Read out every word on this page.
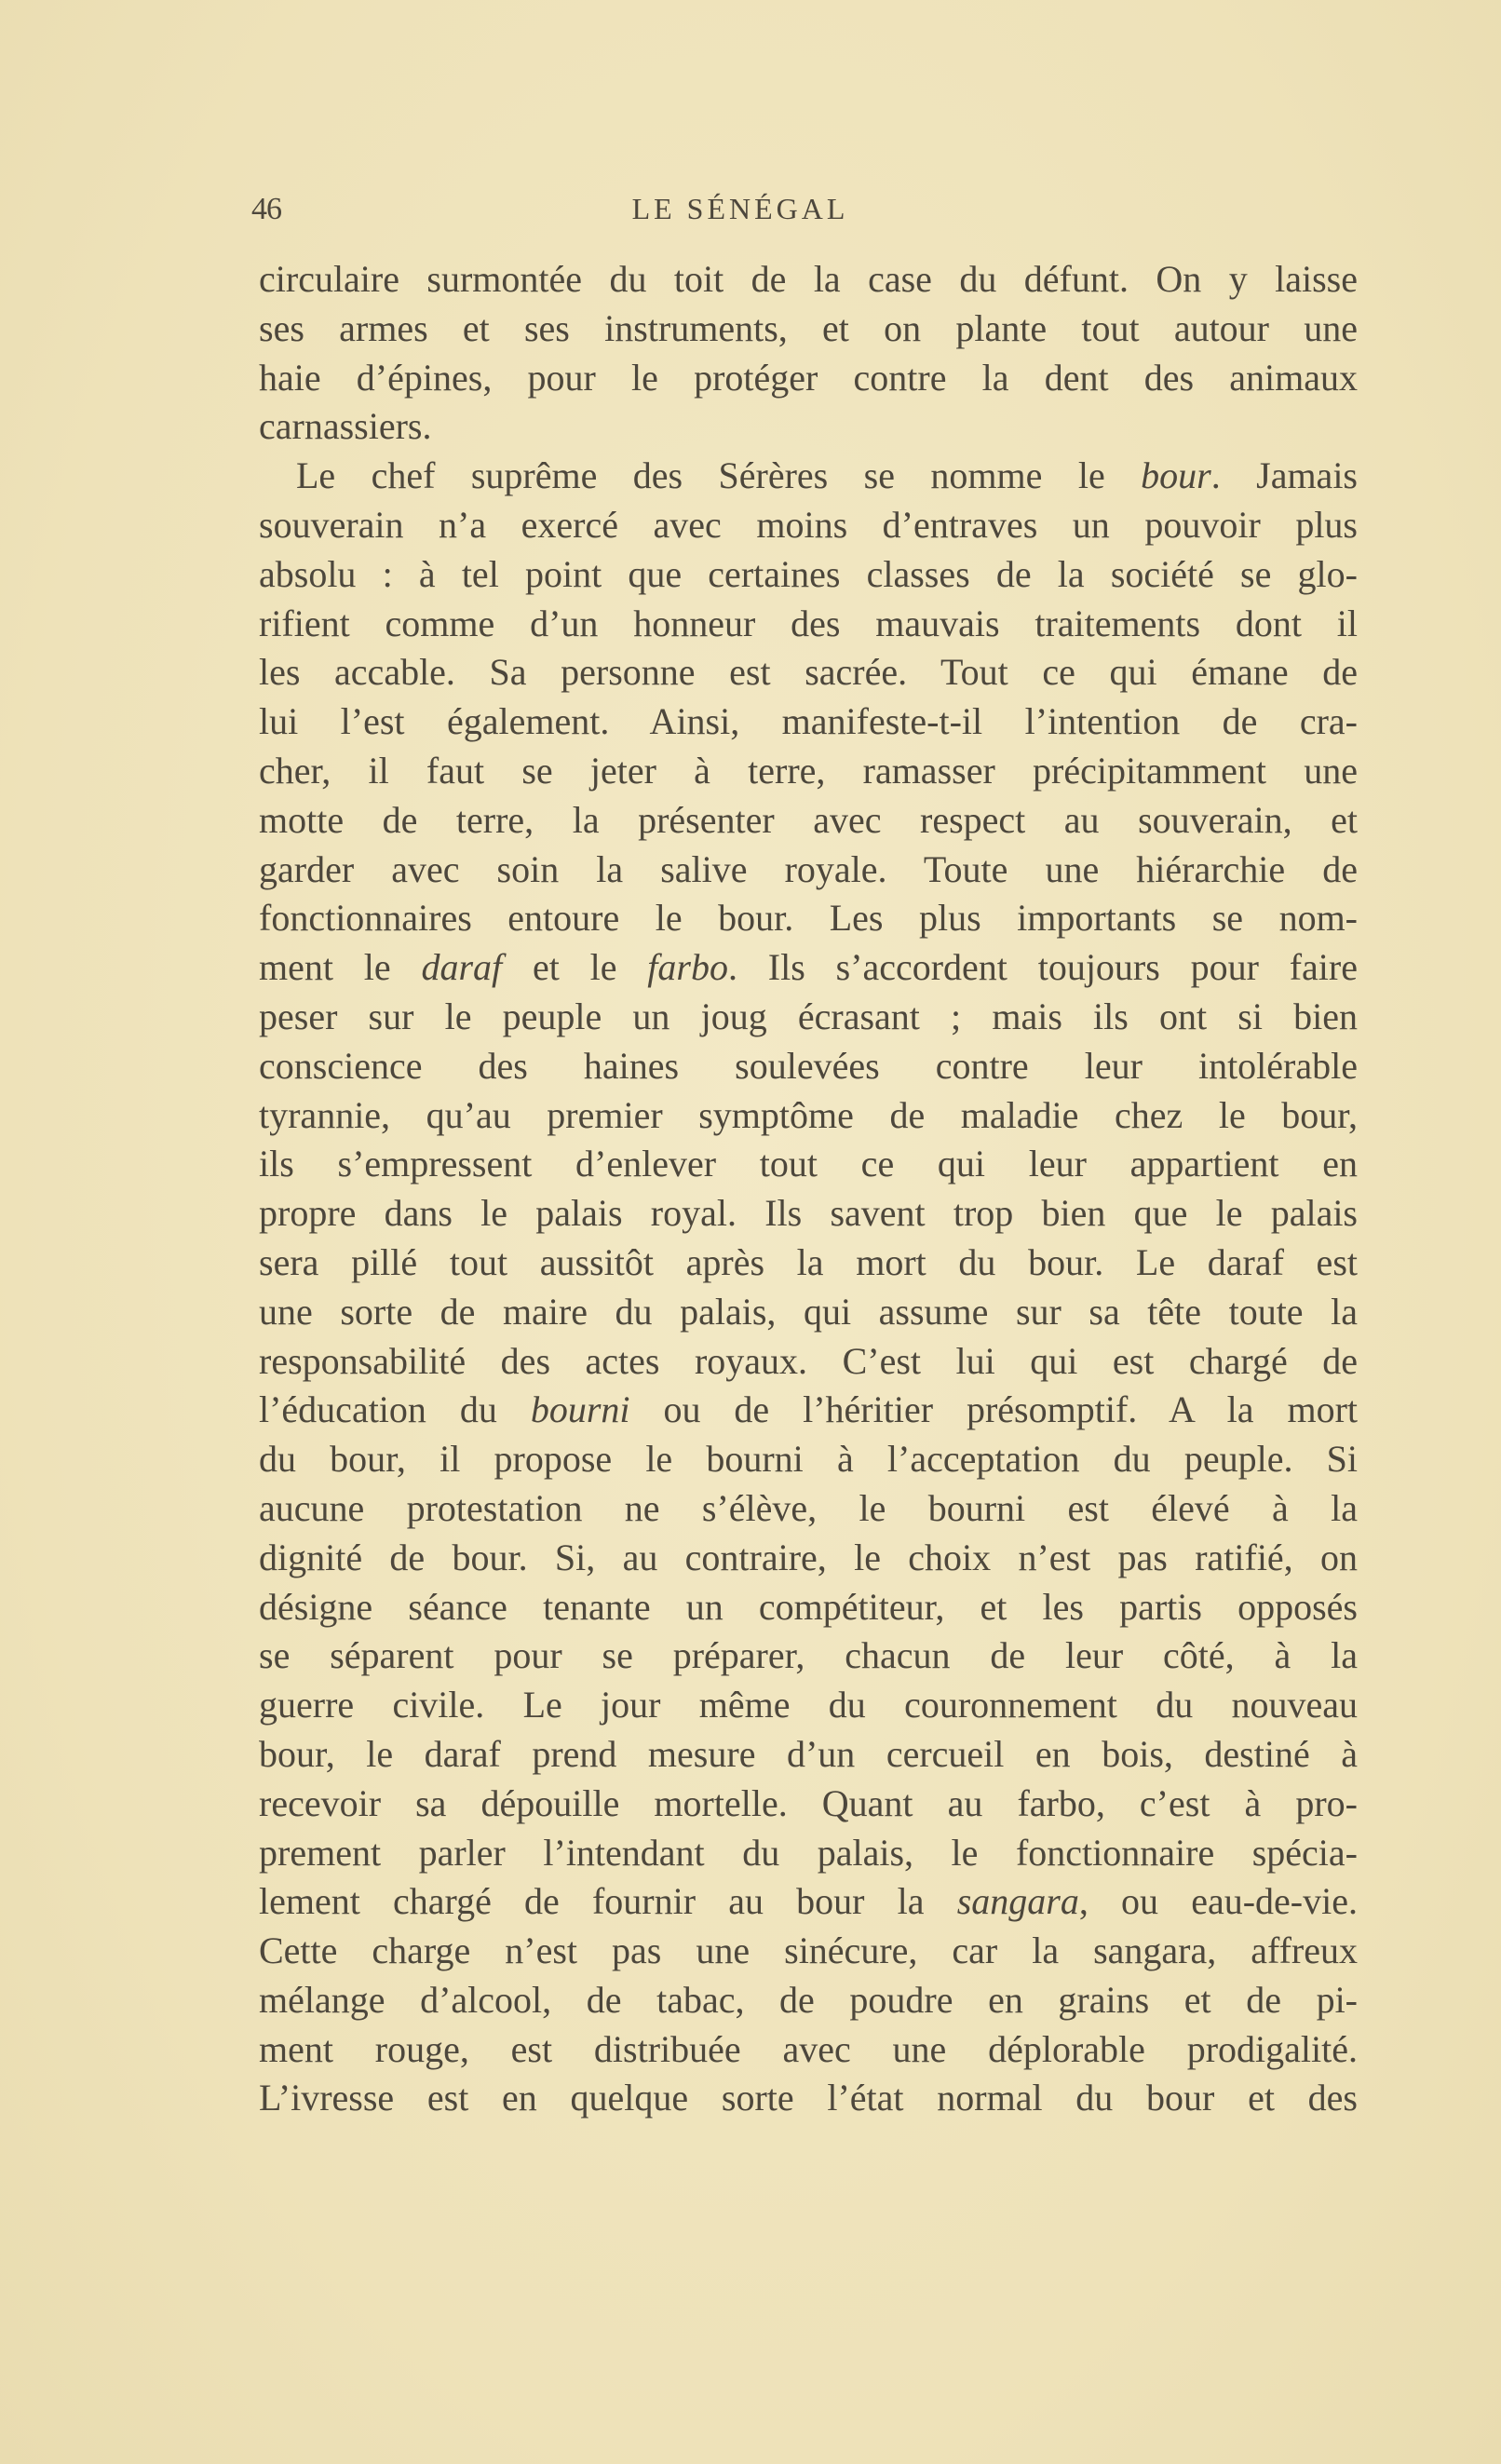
46	LE SÉNÉGAL
circulaire surmontée du toit de la case du défunt. On y laisse
ses armes et ses instruments, et on plante tout autour une
haie d’épines, pour le protéger contre la dent des animaux
carnassiers.
 Le chef suprême des Sérères se nomme le bour. Jamais
souverain n’a exercé avec moins d’entraves un pouvoir plus
absolu : à tel point que certaines classes de la société se glo-
rifient comme d’un honneur des mauvais traitements dont il
les accable. Sa personne est sacrée. Tout ce qui émane de
lui l’est également. Ainsi, manifeste-t-il l’intention de cra-
cher, il faut se jeter à terre, ramasser précipitamment une
motte de terre, la présenter avec respect au souverain, et
garder avec soin la salive royale. Toute une hiérarchie de
fonctionnaires entoure le bour. Les plus importants se nom-
ment le daraf et le farbo. Ils s’accordent toujours pour faire
peser sur le peuple un joug écrasant ; mais ils ont si bien
conscience des haines soulevées contre leur intolérable
tyrannie, qu’au premier symptôme de maladie chez le bour,
ils s’empressent d’enlever tout ce qui leur appartient en
propre dans le palais royal. Ils savent trop bien que le palais
sera pillé tout aussitôt après la mort du bour. Le daraf est
une sorte de maire du palais, qui assume sur sa tête toute la
responsabilité des actes royaux. C’est lui qui est chargé de
l’éducation du bourni ou de l’héritier présomptif. A la mort
du bour, il propose le bourni à l’acceptation du peuple. Si
aucune protestation ne s’élève, le bourni est élevé à la
dignité de bour. Si, au contraire, le choix n’est pas ratifié, on
désigne séance tenante un compétiteur, et les partis opposés
se séparent pour se préparer, chacun de leur côté, à la
guerre civile. Le jour même du couronnement du nouveau
bour, le daraf prend mesure d’un cercueil en bois, destiné à
recevoir sa dépouille mortelle. Quant au farbo, c’est à pro-
prement parler l’intendant du palais, le fonctionnaire spécia-
lement chargé de fournir au bour la sangara, ou eau-de-vie.
Cette charge n’est pas une sinécure, car la sangara, affreux
mélange d’alcool, de tabac, de poudre en grains et de pi-
ment rouge, est distribuée avec une déplorable prodigalité.
L’ivresse est en quelque sorte l’état normal du bour et des
